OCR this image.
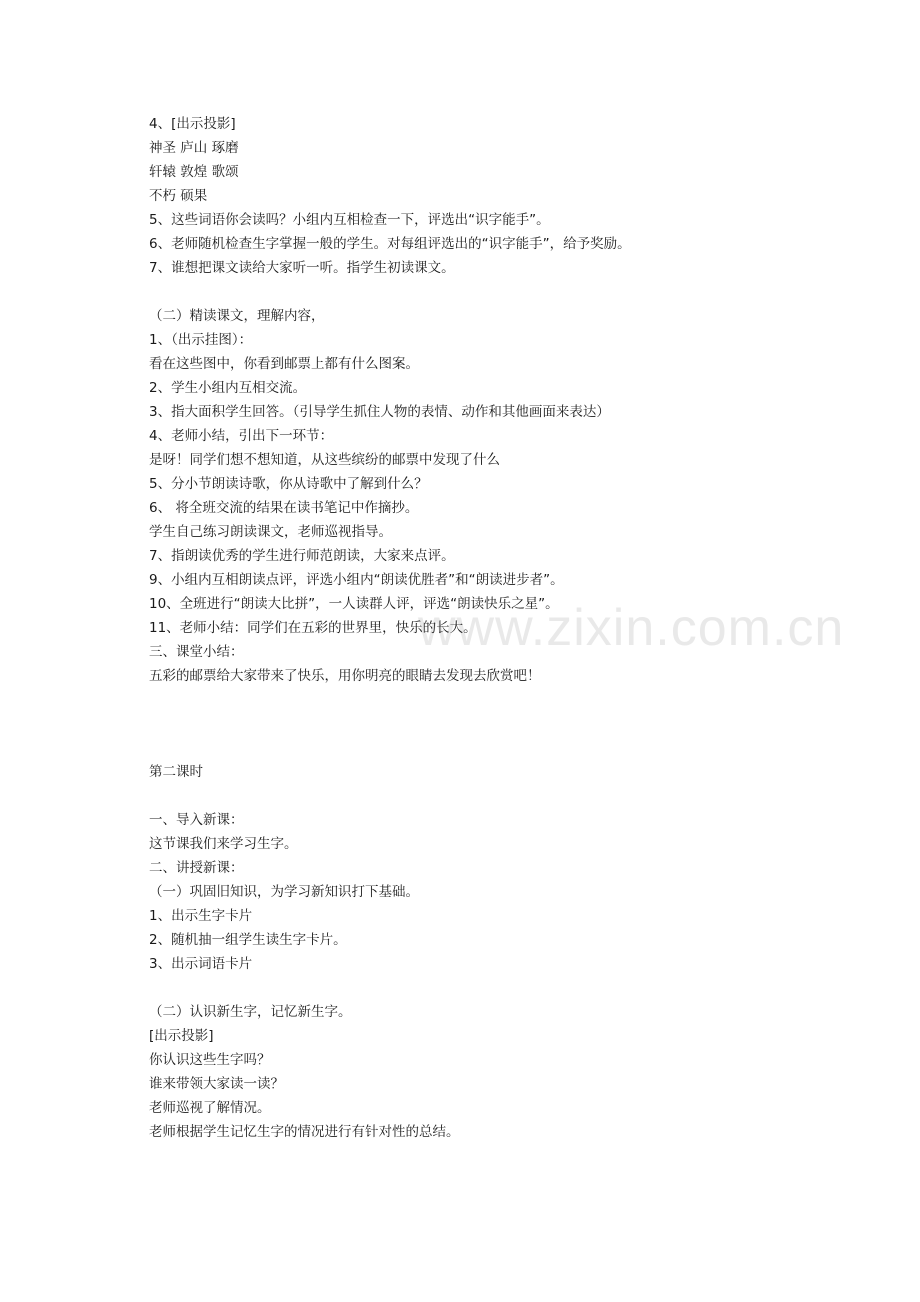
4、[出示投影]
神圣 庐山 琢磨
轩辕 敦煌 歌颂
不朽 硕果
5、这些词语你会读吗？小组内互相检查一下，评选出“识字能手”。
6、老师随机检查生字掌握一般的学生。对每组评选出的“识字能手”，给予奖励。
7、谁想把课文读给大家听一听。指学生初读课文。
（二）精读课文，理解内容，
1、（出示挂图）：
看在这些图中，你看到邮票上都有什么图案。
2、学生小组内互相交流。
3、指大面积学生回答。（引导学生抓住人物的表情、动作和其他画面来表达）
4、老师小结，引出下一环节：
是呀！同学们想不想知道，从这些缤纷的邮票中发现了什么
5、分小节朗读诗歌，你从诗歌中了解到什么？
6、 将全班交流的结果在读书笔记中作摘抄。
学生自己练习朗读课文，老师巡视指导。
7、指朗读优秀的学生进行师范朗读，大家来点评。
9、小组内互相朗读点评，评选小组内“朗读优胜者”和“朗读进步者”。
10、全班进行“朗读大比拼”，一人读群人评，评选“朗读快乐之星”。
11、老师小结：同学们在五彩的世界里，快乐的长大。
三、课堂小结：
五彩的邮票给大家带来了快乐，用你明亮的眼睛去发现去欣赏吧！
第二课时
一、导入新课：
这节课我们来学习生字。
二、讲授新课：
（一）巩固旧知识，为学习新知识打下基础。
1、出示生字卡片
2、随机抽一组学生读生字卡片。
3、出示词语卡片
（二）认识新生字，记忆新生字。
[出示投影]
你认识这些生字吗？
谁来带领大家读一读？
老师巡视了解情况。
老师根据学生记忆生字的情况进行有针对性的总结。
www.zixin.com.cn
